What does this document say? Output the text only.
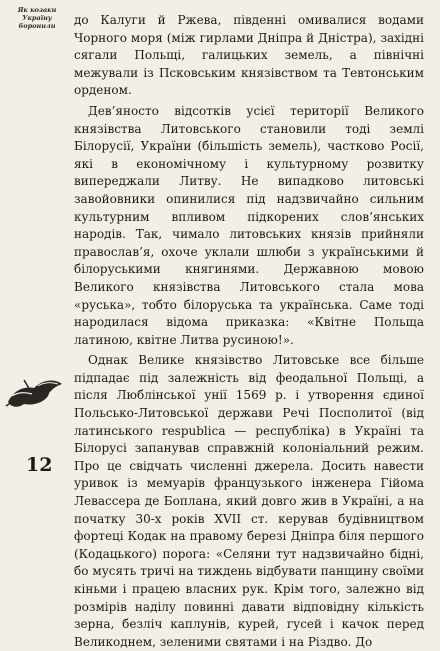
Як козаки
Україну
боронили	до Калуги й Ржева, південні омивалися водами Чорного моря (між гирлами Дніпра й Дністра), західні сягали Польщі, галицьких земель, а північні межували із Псковським князівством та Тевтонським орденом.

Дев’яносто відсотків усієї території Великого князівства Литовського становили тоді землі Білорусії, України (більшість земель), частково Росії, які в економічному і культурному розвитку випереджали Литву. Не випадково литовські завойовники опинилися під надзвичайно сильним культурним впливом підкорених слов’янських народів. Так, чимало литовських князів прийняли православ’я, охоче уклали шлюби з українськими й білоруськими княгинями. Державною мовою Великого князівства Литовського стала мова «руська», тобто білоруська та українська. Саме тоді народилася відома приказка: «Квітне Польща латиною, квітне Литва русиною!».

Однак Велике князівство Литовське все більше підпадає під залежність від феодальної Польщі, а після Люблінської унії 1569 р. і утворення єдиної Польсько-Литовської держави Речі Посполитої (від латинського respublica — республіка) в Україні та Білорусі запанував справжній колоніальний режим. Про це свідчать численні джерела. Досить навести уривок із мемуарів французького інженера Гійома Левассера де Боплана, який довго жив в Україні, а на початку 30-х років XVII ст. керував будівництвом фортеці Кодак на правому березі Дніпра біля першого (Кодацького) порога: «Селяни тут надзвичайно бідні, бо мусять тричі на тиждень відбувати панщину своїми кіньми і працею власних рук. Крім того, залежно від розмірів наділу повинні давати відповідну кількість зерна, безліч каплунів, курей, гусей і качок перед Великоднем, зеленими святами і на Різдво. До

12
